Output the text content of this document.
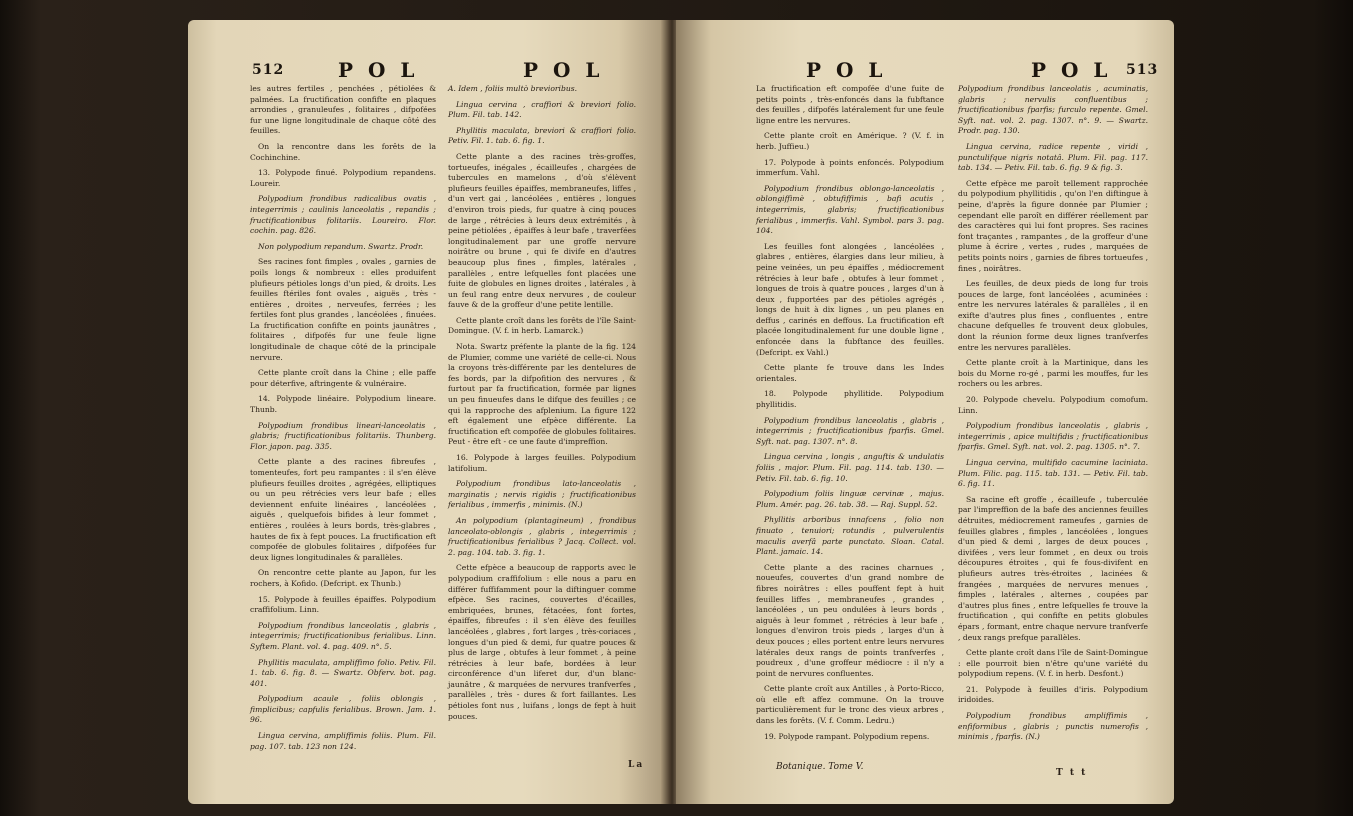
512	P O L	P O L

les autres fertiles , penchées , pétiolées & palmées. La fructification confifte en plaques arrondies , granuleufes , folitaires , difpofées fur une ligne longitudinale de chaque côté des feuilles.

On la rencontre dans les forêts de la Cochinchine.

13. Polypode finué. Polypodium repandens. Loureir.

Polypodium frondibus radicalibus ovatis , integerrimis ; caulinis lanceolatis , repandis ; fructificationibus folitariis. Loureiro. Flor. cochin. pag. 826.

Non polypodium repandum. Swartz. Prodr.

Ses racines font fimples , ovales , garnies de poils longs & nombreux : elles produifent plufieurs pétioles longs d'un pied, & droits. Les feuilles ftériles font ovales , aiguës , très - entières , droites , nerveufes, ferrées ; les fertiles font plus grandes , lancéolées , finuées. La fructification confifte en points jaunâtres , folitaires , difpofés fur une feule ligne longitudinale de chaque côté de la principale nervure.

Cette plante croît dans la Chine ; elle paffe pour déterfive, aftringente & vulnéraire.

14. Polypode linéaire. Polypodium lineare. Thunb.

Polypodium frondibus lineari-lanceolatis , glabris; fructificationibus folitariis. Thunberg. Flor. japon. pag. 335.

Cette plante a des racines fibreufes , tomenteufes, fort peu rampantes : il s'en élève plufieurs feuilles droites , agrégées, elliptiques ou un peu rétrécies vers leur bafe ; elles deviennent enfuite linéaires , lancéolées , aiguës , quelquefois bifides à leur fommet , entières , roulées à leurs bords, très-glabres , hautes de fix à fept pouces. La fructification eft compofée de globules folitaires , difpofées fur deux lignes longitudinales & parallèles.

On rencontre cette plante au Japon, fur les rochers, à Kofido. (Defcript. ex Thunb.)

15. Polypode à feuilles épaiffes. Polypodium craffifolium. Linn.

Polypodium frondibus lanceolatis , glabris , integerrimis; fructificationibus ferialibus. Linn. Syftem. Plant. vol. 4. pag. 409. n°. 5.

Phyllitis maculata, ampliffimo folio. Petiv. Fil. 1. tab. 6. fig. 8. — Swartz. Obferv. bot. pag. 401.

Polypodium acaule , foliis oblongis , fimplicibus; capfulis ferialibus. Brown. Jam. 1. 96.

Lingua cervina, ampliffimis foliis. Plum. Fil. pag. 107. tab. 123 non 124.

A. Idem , foliis multò brevioribus.

Lingua cervina , craffiori & breviori folio. Plum. Fil. tab. 142.

Phyllitis maculata, breviori & craffiori folio. Petiv. Fil. 1. tab. 6. fig. 1.

Cette plante a des racines très-groffes, tortueufes, inégales , écailleufes , chargées de tubercules en mamelons , d'où s'élèvent plufieurs feuilles épaiffes, membraneufes, liffes , d'un vert gai , lancéolées , entières , longues d'environ trois pieds, fur quatre à cinq pouces de large , rétrécies à leurs deux extrémités , à peine pétiolées , épaiffes à leur bafe , traverfées longitudinalement par une groffe nervure noirâtre ou brune , qui fe divife en d'autres beaucoup plus fines , fimples, latérales , parallèles , entre lefquelles font placées une fuite de globules en lignes droites , latérales , à un feul rang entre deux nervures , de couleur fauve & de la groffeur d'une petite lentille.

Cette plante croît dans les forêts de l'île Saint-Domingue. (V. f. in herb. Lamarck.)

Nota. Swartz préfente la plante de la fig. 124 de Plumier, comme une variété de celle-ci. Nous la croyons très-différente par les dentelures de fes bords, par la difpofition des nervures , & furtout par fa fructification, formée par lignes un peu finueufes dans le difque des feuilles ; ce qui la rapproche des afplenium. La figure 122 eft également une efpèce différente. La fructification eft compofée de globules folitaires. Peut - être eft - ce une faute d'impreffion.

16. Polypode à larges feuilles. Polypodium latifolium.

Polypodium frondibus lato-lanceolatis , marginatis ; nervis rigidis ; fructificationibus ferialibus , immerfis , minimis. (N.)

An polypodium (plantagineum) , frondibus lanceolato-oblongis , glabris , integerrimis ; fructificationibus ferialibus ? Jacq. Collect. vol. 2. pag. 104. tab. 3. fig. 1.

Cette efpèce a beaucoup de rapports avec le polypodium craffifolium : elle nous a paru en différer fuffifamment pour la diftinguer comme efpèce. Ses racines, couvertes d'écailles, embriquées, brunes, fétacées, font fortes, épaiffes, fibreufes : il s'en élève des feuilles lancéolées , glabres , fort larges , très-coriaces , longues d'un pied & demi, fur quatre pouces & plus de large , obtufes à leur fommet , à peine rétrécies à leur bafe, bordées à leur circonférence d'un liferet dur, d'un blanc-jaunâtre , & marquées de nervures tranfverfes , parallèles , très - dures & fort faillantes. Les pétioles font nus , luifans , longs de fept à huit pouces.

La
P O L	P O L 513

La fructification eft compofée d'une fuite de petits points , très-enfoncés dans la fubftance des feuilles , difpofés latéralement fur une feule ligne entre les nervures.

Cette plante croît en Amérique. ? (V. f. in herb. Juffieu.)

17. Polypode à points enfoncés. Polypodium immerfum. Vahl.

Polypodium frondibus oblongo-lanceolatis , oblongiffimè , obtufiffimis , bafi acutis , integerrimis, glabris; fructificationibus ferialibus , immerfis. Vahl. Symbol. pars 3. pag. 104.

Les feuilles font alongées , lancéolées , glabres , entières, élargies dans leur milieu, à peine veinées, un peu épaiffes , médiocrement rétrécies à leur bafe , obtufes à leur fommet , longues de trois à quatre pouces , larges d'un à deux , fupportées par des pétioles agrégés , longs de huit à dix lignes , un peu planes en deffus , carinés en deffous. La fructification eft placée longitudinalement fur une double ligne , enfoncée dans la fubftance des feuilles. (Defcript. ex Vahl.)

Cette plante fe trouve dans les Indes orientales.

18. Polypode phyllitide. Polypodium phyllitidis.

Polypodium frondibus lanceolatis , glabris , integerrimis ; fructificationibus fparfis. Gmel. Syft. nat. pag. 1307. n°. 8.

Lingua cervina , longis , anguftis & undulatis foliis , major. Plum. Fil. pag. 114. tab. 130. — Petiv. Fil. tab. 6. fig. 10.

Polypodium foliis linguæ cervinæ , majus. Plum. Amér. pag. 26. tab. 38. — Raj. Suppl. 52.

Phyllitis arboribus innafcens , folio non finuato , tenuiori; rotundis , pulverulentis maculis averfâ parte punctato. Sloan. Catal. Plant. jamaic. 14.

Cette plante a des racines charnues , noueufes, couvertes d'un grand nombre de fibres noirâtres : elles pouffent fept à huit feuilles liffes , membraneufes , grandes , lancéolées , un peu ondulées à leurs bords , aiguës à leur fommet , rétrécies à leur bafe , longues d'environ trois pieds , larges d'un à deux pouces ; elles portent entre leurs nervures latérales deux rangs de points tranfverfes , poudreux , d'une groffeur médiocre : il n'y a point de nervures confluentes.

Cette plante croît aux Antilles , à Porto-Ricco, où elle eft affez commune. On la trouve particulièrement fur le tronc des vieux arbres , dans les forêts. (V. f. Comm. Ledru.)

19. Polypode rampant. Polypodium repens.

Polypodium frondibus lanceolatis , acuminatis, glabris ; nervulis confluentibus ; fructificationibus fparfis; furculo repente. Gmel. Syft. nat. vol. 2. pag. 1307. n°. 9. — Swartz. Prodr. pag. 130.

Lingua cervina, radice repente , viridi , punctulifque nigris notatâ. Plum. Fil. pag. 117. tab. 134. — Petiv. Fil. tab. 6. fig. 9 & fig. 3.

Cette efpèce me paroît tellement rapprochée du polypodium phyllitidis , qu'on l'en diftingue à peine, d'après la figure donnée par Plumier ; cependant elle paroît en différer réellement par des caractères qui lui font propres. Ses racines font traçantes , rampantes , de la groffeur d'une plume à écrire , vertes , rudes , marquées de petits points noirs , garnies de fibres tortueufes , fines , noirâtres.

Les feuilles, de deux pieds de long fur trois pouces de large, font lancéolées , acuminées : entre les nervures latérales & parallèles , il en exifte d'autres plus fines , confluentes , entre chacune defquelles fe trouvent deux globules, dont la réunion forme deux lignes tranfverfes entre les nervures parallèles.

Cette plante croît à la Martinique, dans les bois du Morne ro-gé , parmi les mouffes, fur les rochers ou les arbres.

20. Polypode chevelu. Polypodium comofum. Linn.

Polypodium frondibus lanceolatis , glabris , integerrimis , apice multifidis ; fructificationibus fparfis. Gmel. Syft. nat. vol. 2. pag. 1305. n°. 7.

Lingua cervina, multifido cacumine laciniata. Plum. Filic. pag. 115. tab. 131. — Petiv. Fil. tab. 6. fig. 11.

Sa racine eft groffe , écailleufe , tuberculée par l'impreffion de la bafe des anciennes feuilles détruites, médiocrement rameufes , garnies de feuilles glabres , fimples , lancéolées , longues d'un pied & demi , larges de deux pouces , divifées , vers leur fommet , en deux ou trois découpures étroites , qui fe fous-divifent en plufieurs autres très-étroites , lacinées & frangées , marquées de nervures menues , fimples , latérales , alternes , coupées par d'autres plus fines , entre lefquelles fe trouve la fructification , qui confifte en petits globules épars , formant, entre chaque nervure tranfverfe , deux rangs prefque parallèles.

Cette plante croît dans l'île de Saint-Domingue : elle pourroit bien n'être qu'une variété du polypodium repens. (V. f. in herb. Desfont.)

21. Polypode à feuilles d'iris. Polypodium iridoides.

Polypodium frondibus ampliffimis , enfiformibus , glabris ; punctis numerofis , minimis , fparfis. (N.)

Botanique. Tome V.
T t t
